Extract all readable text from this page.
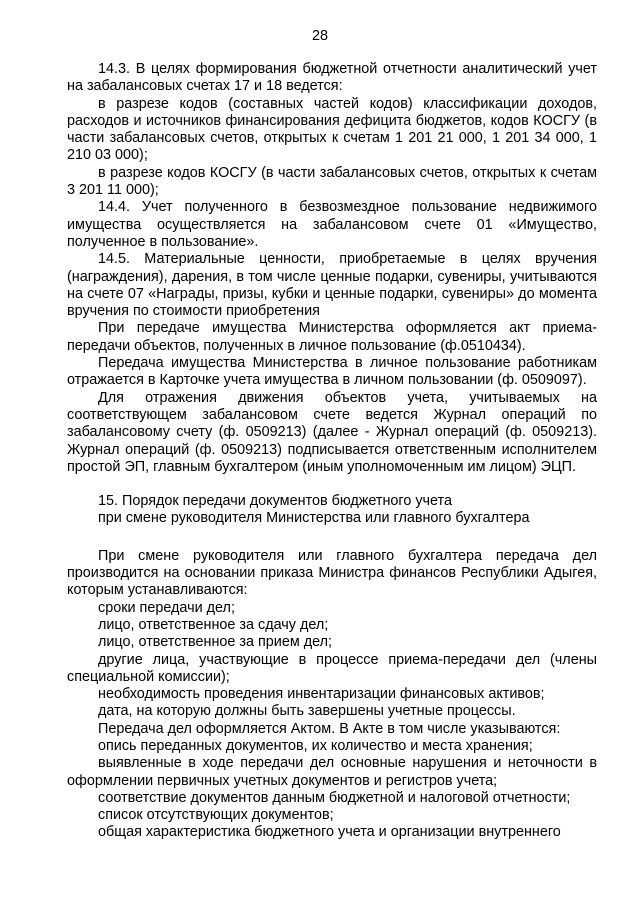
28

14.3. В целях формирования бюджетной отчетности аналитический учет на забалансовых счетах 17 и 18 ведется:

в разрезе кодов (составных частей кодов) классификации доходов, расходов и источников финансирования дефицита бюджетов, кодов КОСГУ (в части забалансовых счетов, открытых к счетам 1 201 21 000, 1 201 34 000, 1 210 03 000);

в разрезе кодов КОСГУ (в части забалансовых счетов, открытых к счетам 3 201 11 000);

14.4. Учет полученного в безвозмездное пользование недвижимого имущества осуществляется на забалансовом счете 01 «Имущество, полученное в пользование».

14.5. Материальные ценности, приобретаемые в целях вручения (награждения), дарения, в том числе ценные подарки, сувениры, учитываются на счете 07 «Награды, призы, кубки и ценные подарки, сувениры» до момента вручения по стоимости приобретения

При передаче имущества Министерства оформляется акт приема-передачи объектов, полученных в личное пользование (ф.0510434).

Передача имущества Министерства в личное пользование работникам отражается в Карточке учета имущества в личном пользовании (ф. 0509097).

Для отражения движения объектов учета, учитываемых на соответствующем забалансовом счете ведется Журнал операций по забалансовому счету (ф. 0509213) (далее - Журнал операций (ф. 0509213). Журнал операций (ф. 0509213) подписывается ответственным исполнителем простой ЭП, главным бухгалтером (иным уполномоченным им лицом) ЭЦП.

15. Порядок передачи документов бюджетного учета

при смене руководителя Министерства или главного бухгалтера

При смене руководителя или главного бухгалтера передача дел производится на основании приказа Министра финансов Республики Адыгея, которым устанавливаются:

сроки передачи дел;

лицо, ответственное за сдачу дел;

лицо, ответственное за прием дел;

другие лица, участвующие в процессе приема-передачи дел (члены специальной комиссии);

необходимость проведения инвентаризации финансовых активов;

дата, на которую должны быть завершены учетные процессы.

Передача дел оформляется Актом. В Акте в том числе указываются:

опись переданных документов, их количество и места хранения;

выявленные в ходе передачи дел основные нарушения и неточности в оформлении первичных учетных документов и регистров учета;

соответствие документов данным бюджетной и налоговой отчетности;

список отсутствующих документов;

общая характеристика бюджетного учета и организации внутреннего
